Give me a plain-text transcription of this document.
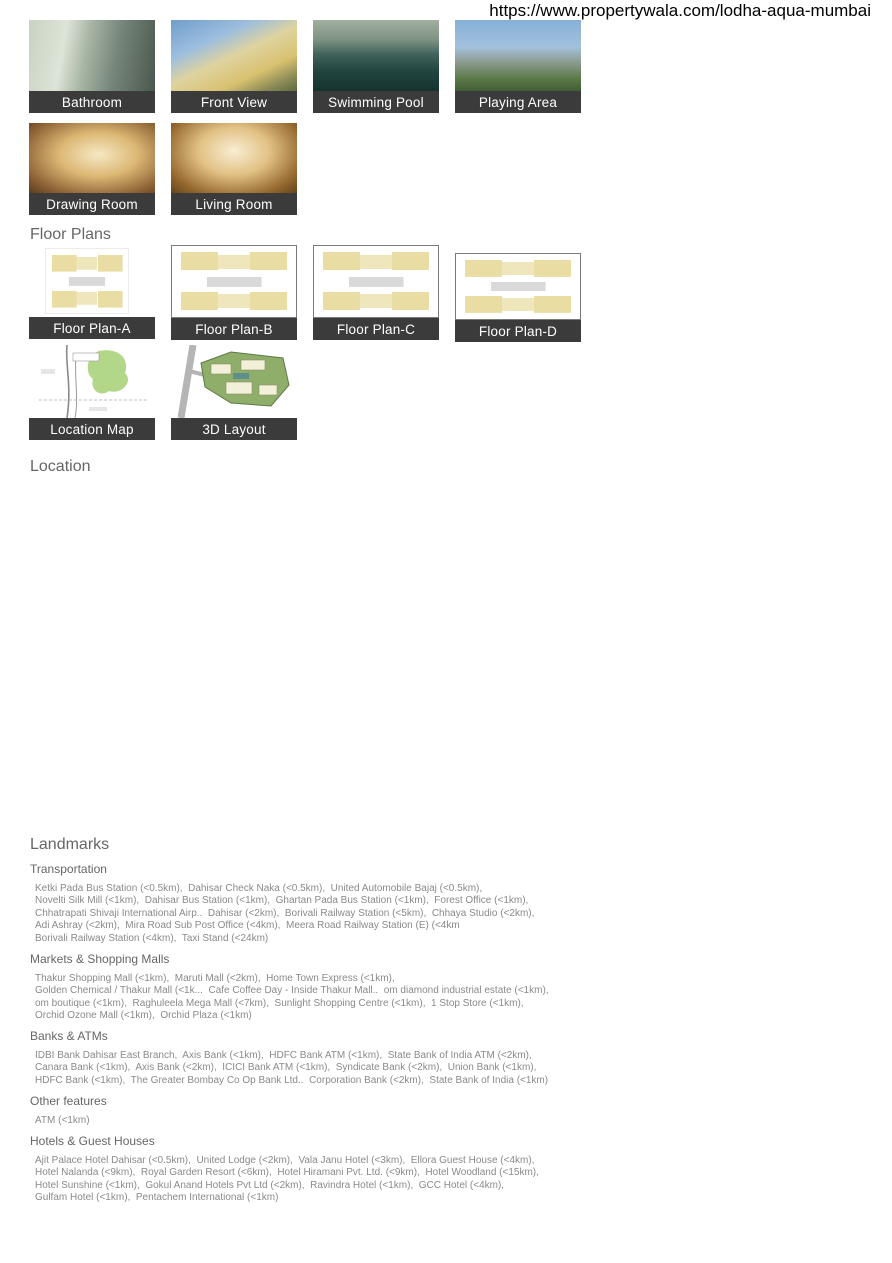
https://www.propertywala.com/lodha-aqua-mumbai
Bathroom	Front View	Swimming Pool	Playing Area
Drawing Room	Living Room
Floor Plans
Floor Plan-A	Floor Plan-B	Floor Plan-C	Floor Plan-D
Location Map	3D Layout
Location
Landmarks
Transportation
Ketki Pada Bus Station (<0.5km),  Dahisar Check Naka (<0.5km),  United Automobile Bajaj (<0.5km),
Novelti Silk Mill (<1km),  Dahisar Bus Station (<1km),  Ghartan Pada Bus Station (<1km),  Forest Office (<1km),
Chhatrapati Shivaji International Airp..  Dahisar (<2km),  Borivali Railway Station (<5km),  Chhaya Studio (<2km),
Adi Ashray (<2km),  Mira Road Sub Post Office (<4km),  Meera Road Railway Station (E) (<4km
Borivali Railway Station (<4km),  Taxi Stand (<24km)
Markets & Shopping Malls
Thakur Shopping Mall (<1km),  Maruti Mall (<2km),  Home Town Express (<1km),
Golden Chemical / Thakur Mall (<1k...  Cafe Coffee Day - Inside Thakur Mall..  om diamond industrial estate (<1km),
om boutique (<1km),  Raghuleela Mega Mall (<7km),  Sunlight Shopping Centre (<1km),  1 Stop Store (<1km),
Orchid Ozone Mall (<1km),  Orchid Plaza (<1km)
Banks & ATMs
IDBI Bank Dahisar East Branch,  Axis Bank (<1km),  HDFC Bank ATM (<1km),  State Bank of India ATM (<2km),
Canara Bank (<1km),  Axis Bank (<2km),  ICICI Bank ATM (<1km),  Syndicate Bank (<2km),  Union Bank (<1km),
HDFC Bank (<1km),  The Greater Bombay Co Op Bank Ltd..  Corporation Bank (<2km),  State Bank of India (<1km)
Other features
ATM (<1km)
Hotels & Guest Houses
Ajit Palace Hotel Dahisar (<0.5km),  United Lodge (<2km),  Vala Janu Hotel (<3km),  Ellora Guest House (<4km),
Hotel Nalanda (<9km),  Royal Garden Resort (<6km),  Hotel Hiramani Pvt. Ltd. (<9km),  Hotel Woodland (<15km),
Hotel Sunshine (<1km),  Gokul Anand Hotels Pvt Ltd (<2km),  Ravindra Hotel (<1km),  GCC Hotel (<4km),
Gulfam Hotel (<1km),  Pentachem International (<1km)
